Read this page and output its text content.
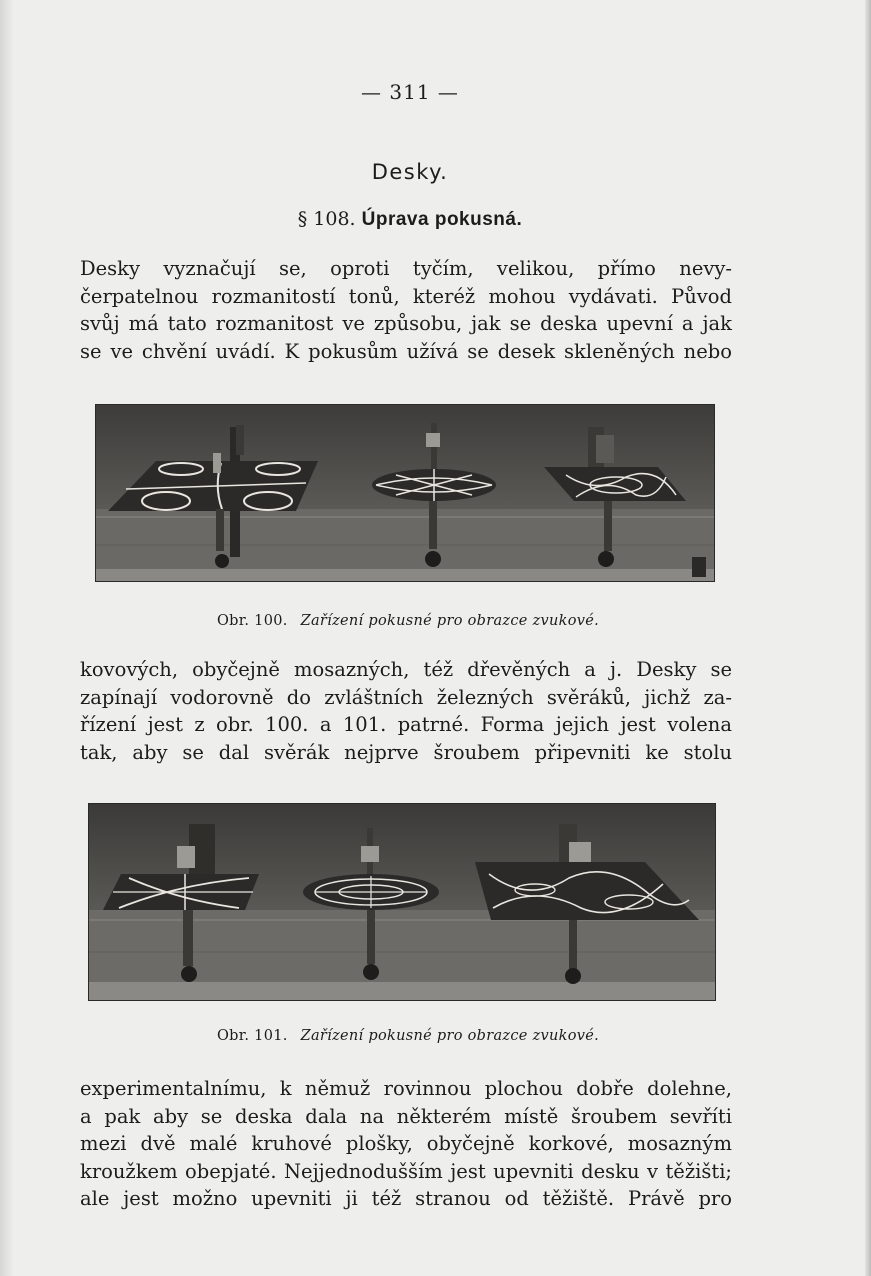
— 311 —
Desky.
§ 108. Úprava pokusná.
Desky vyznačují se, oproti tyčím, velikou, přímo nevy-
čerpatelnou rozmanitostí tonů, kteréž mohou vydávati. Původ
svůj má tato rozmanitost ve způsobu, jak se deska upevní a jak
se ve chvění uvádí. K pokusům užívá se desek skleněných nebo
Obr. 100. Zařízení pokusné pro obrazce zvukové.
kovových, obyčejně mosazných, též dřevěných a j. Desky se
zapínají vodorovně do zvláštních železných svěráků, jichž za-
řízení jest z obr. 100. a 101. patrné. Forma jejich jest volena
tak, aby se dal svěrák nejprve šroubem připevniti ke stolu
Obr. 101. Zařízení pokusné pro obrazce zvukové.
experimentalnímu, k němuž rovinnou plochou dobře dolehne,
a pak aby se deska dala na některém místě šroubem sevříti
mezi dvě malé kruhové plošky, obyčejně korkové, mosazným
kroužkem obepjaté. Nejjednodušším jest upevniti desku v těžišti;
ale jest možno upevniti ji též stranou od těžiště. Právě pro
